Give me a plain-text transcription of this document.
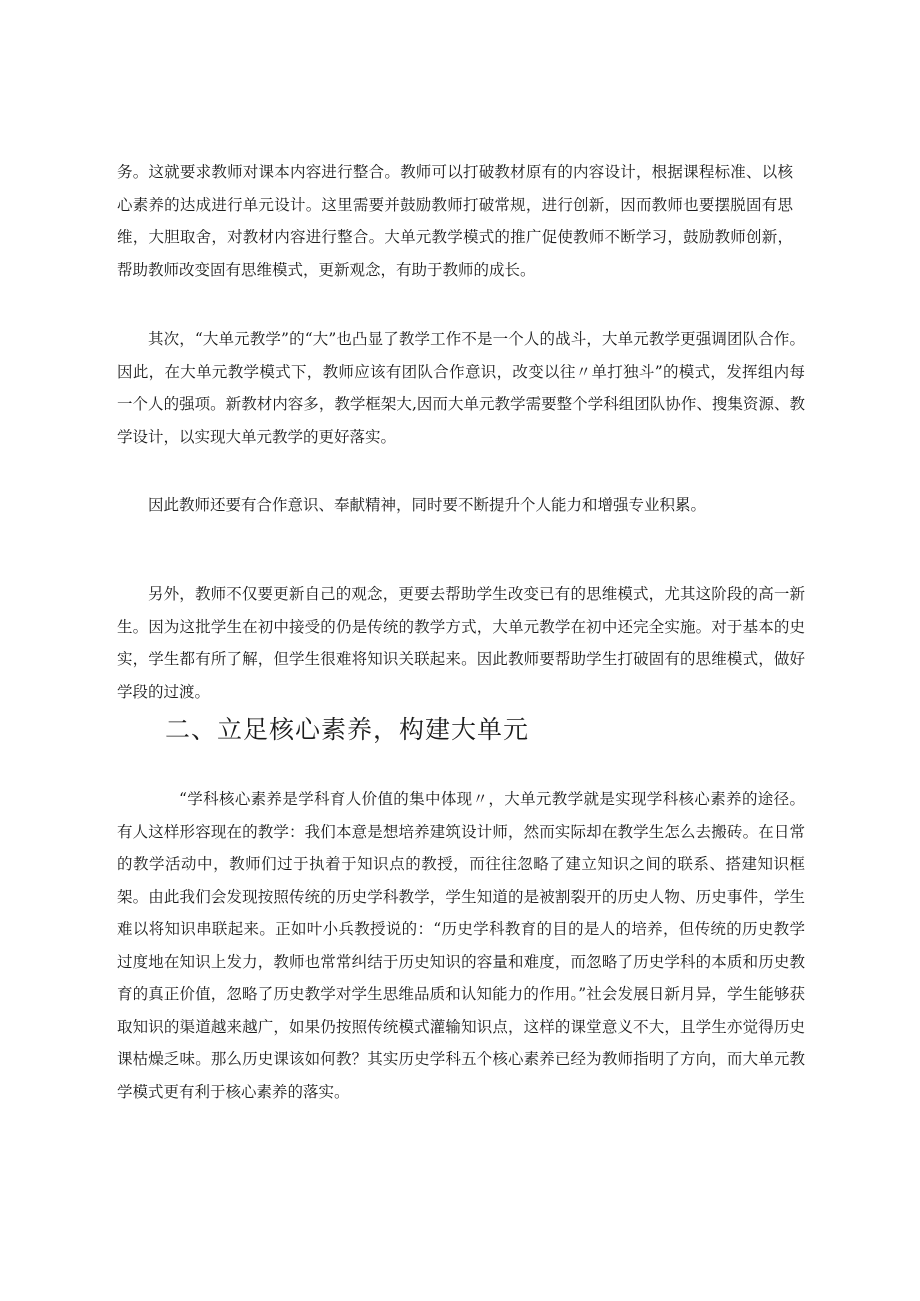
务。这就要求教师对课本内容进行整合。教师可以打破教材原有的内容设计，根据课程标准、以核心素养的达成进行单元设计。这里需要并鼓励教师打破常规，进行创新，因而教师也要摆脱固有思维，大胆取舍，对教材内容进行整合。大单元教学模式的推广促使教师不断学习，鼓励教师创新，帮助教师改变固有思维模式，更新观念，有助于教师的成长。

其次，“大单元教学”的“大”也凸显了教学工作不是一个人的战斗，大单元教学更强调团队合作。因此，在大单元教学模式下，教师应该有团队合作意识，改变以往〃单打独斗”的模式，发挥组内每一个人的强项。新教材内容多，教学框架大,因而大单元教学需要整个学科组团队协作、搜集资源、教学设计，以实现大单元教学的更好落实。

因此教师还要有合作意识、奉献精神，同时要不断提升个人能力和增强专业积累。

另外，教师不仅要更新自己的观念，更要去帮助学生改变已有的思维模式，尤其这阶段的高一新生。因为这批学生在初中接受的仍是传统的教学方式，大单元教学在初中还完全实施。对于基本的史实，学生都有所了解，但学生很难将知识关联起来。因此教师要帮助学生打破固有的思维模式，做好学段的过渡。

二、立足核心素养，构建大单元

“学科核心素养是学科育人价值的集中体现〃，大单元教学就是实现学科核心素养的途径。有人这样形容现在的教学：我们本意是想培养建筑设计师，然而实际却在教学生怎么去搬砖。在日常的教学活动中，教师们过于执着于知识点的教授，而往往忽略了建立知识之间的联系、搭建知识框架。由此我们会发现按照传统的历史学科教学，学生知道的是被割裂开的历史人物、历史事件，学生难以将知识串联起来。正如叶小兵教授说的：“历史学科教育的目的是人的培养，但传统的历史教学过度地在知识上发力，教师也常常纠结于历史知识的容量和难度，而忽略了历史学科的本质和历史教育的真正价值，忽略了历史教学对学生思维品质和认知能力的作用。”社会发展日新月异，学生能够获取知识的渠道越来越广，如果仍按照传统模式灌输知识点，这样的课堂意义不大，且学生亦觉得历史课枯燥乏味。那么历史课该如何教？其实历史学科五个核心素养已经为教师指明了方向，而大单元教学模式更有利于核心素养的落实。
